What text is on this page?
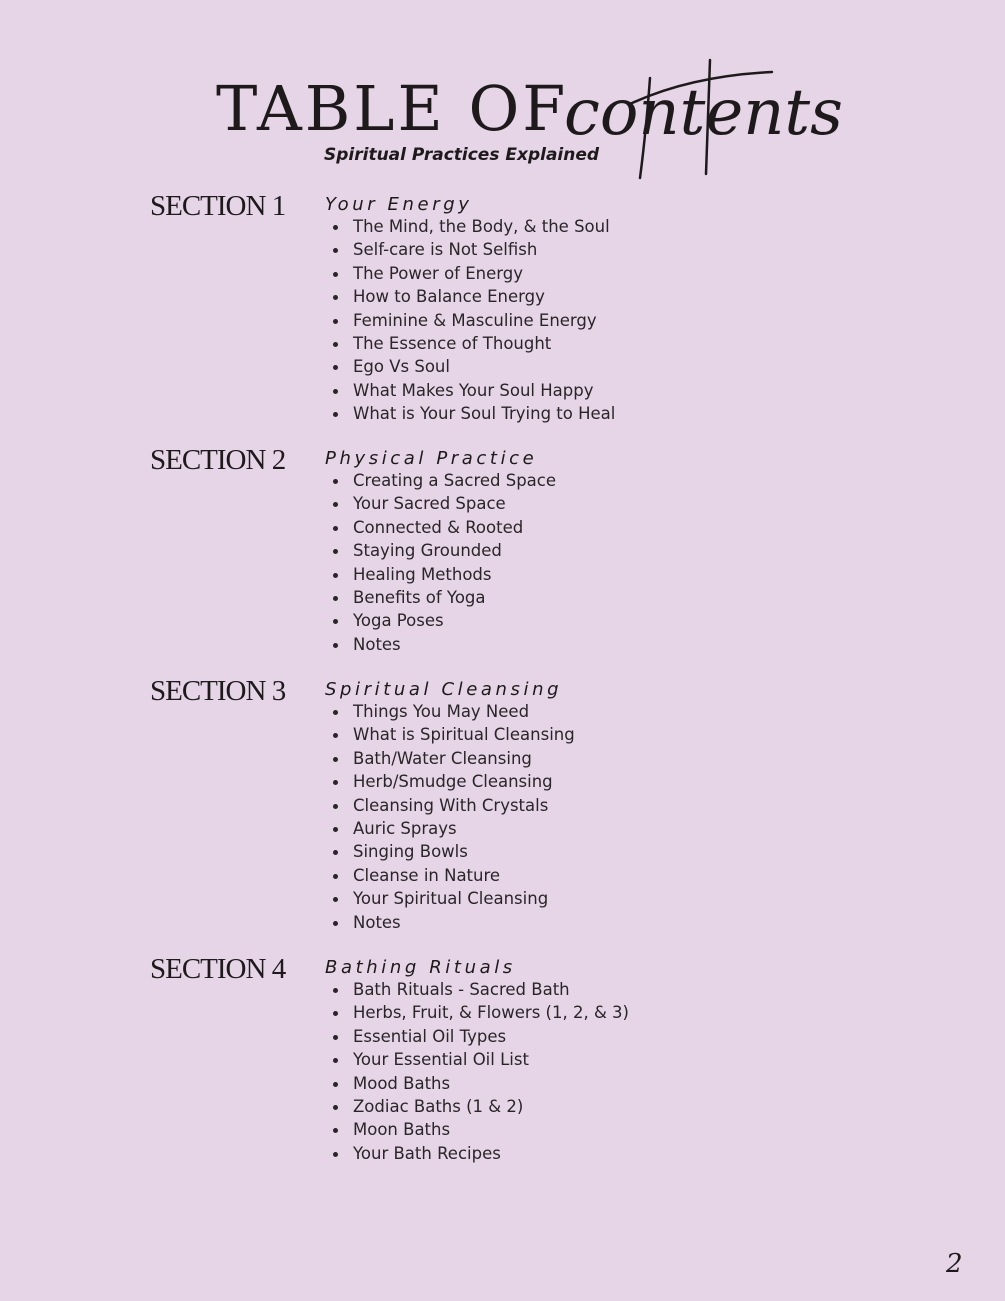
TABLE OF
contents
Spiritual Practices Explained
SECTION 1 Your Energy
The Mind, the Body, & the Soul
Self-care is Not Selfish
The Power of Energy
How to Balance Energy
Feminine & Masculine Energy
The Essence of Thought
Ego Vs Soul
What Makes Your Soul Happy
What is Your Soul Trying to Heal
SECTION 2 Physical Practice
Creating a Sacred Space
Your Sacred Space
Connected & Rooted
Staying Grounded
Healing Methods
Benefits of Yoga
Yoga Poses
Notes
SECTION 3 Spiritual Cleansing
Things You May Need
What is Spiritual Cleansing
Bath/Water Cleansing
Herb/Smudge Cleansing
Cleansing With Crystals
Auric Sprays
Singing Bowls
Cleanse in Nature
Your Spiritual Cleansing
Notes
SECTION 4 Bathing Rituals
Bath Rituals - Sacred Bath
Herbs, Fruit, & Flowers (1, 2, & 3)
Essential Oil Types
Your Essential Oil List
Mood Baths
Zodiac Baths (1 & 2)
Moon Baths
Your Bath Recipes
2
